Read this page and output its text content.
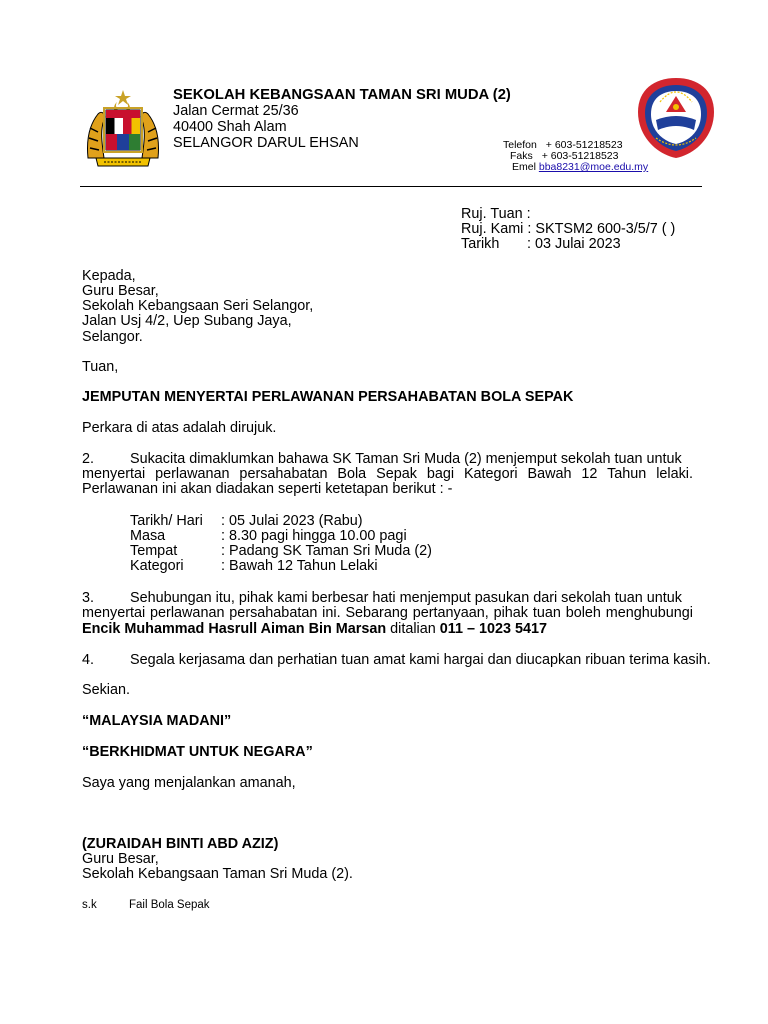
SEKOLAH KEBANGSAAN TAMAN SRI MUDA (2)
Jalan Cermat 25/36
40400 Shah Alam
SELANGOR DARUL EHSAN	Telefon + 603-51218523
Faks + 603-51218523
Emel bba8231@moe.edu.my
Ruj. Tuan :
Ruj. Kami : SKTSM2 600-3/5/7 ( )
Tarikh : 03 Julai 2023
Kepada,
Guru Besar,
Sekolah Kebangsaan Seri Selangor,
Jalan Usj 4/2, Uep Subang Jaya,
Selangor.
Tuan,
JEMPUTAN MENYERTAI PERLAWANAN PERSAHABATAN BOLA SEPAK
Perkara di atas adalah dirujuk.
2. Sukacita dimaklumkan bahawa SK Taman Sri Muda (2) menjemput sekolah tuan untuk
menyertai perlawanan persahabatan Bola Sepak bagi Kategori Bawah 12 Tahun lelaki.
Perlawanan ini akan diadakan seperti ketetapan berikut : -
Tarikh/ Hari : 05 Julai 2023 (Rabu)
Masa	: 8.30 pagi hingga 10.00 pagi
Tempat	: Padang SK Taman Sri Muda (2)
Kategori	: Bawah 12 Tahun Lelaki
3. Sehubungan itu, pihak kami berbesar hati menjemput pasukan dari sekolah tuan untuk
menyertai perlawanan persahabatan ini. Sebarang pertanyaan, pihak tuan boleh menghubungi
Encik Muhammad Hasrull Aiman Bin Marsan ditalian 011 – 1023 5417
4. Segala kerjasama dan perhatian tuan amat kami hargai dan diucapkan ribuan terima kasih.
Sekian.
“MALAYSIA MADANI”
“BERKHIDMAT UNTUK NEGARA”
Saya yang menjalankan amanah,
(ZURAIDAH BINTI ABD AZIZ)
Guru Besar,
Sekolah Kebangsaan Taman Sri Muda (2).
s.k	Fail Bola Sepak
